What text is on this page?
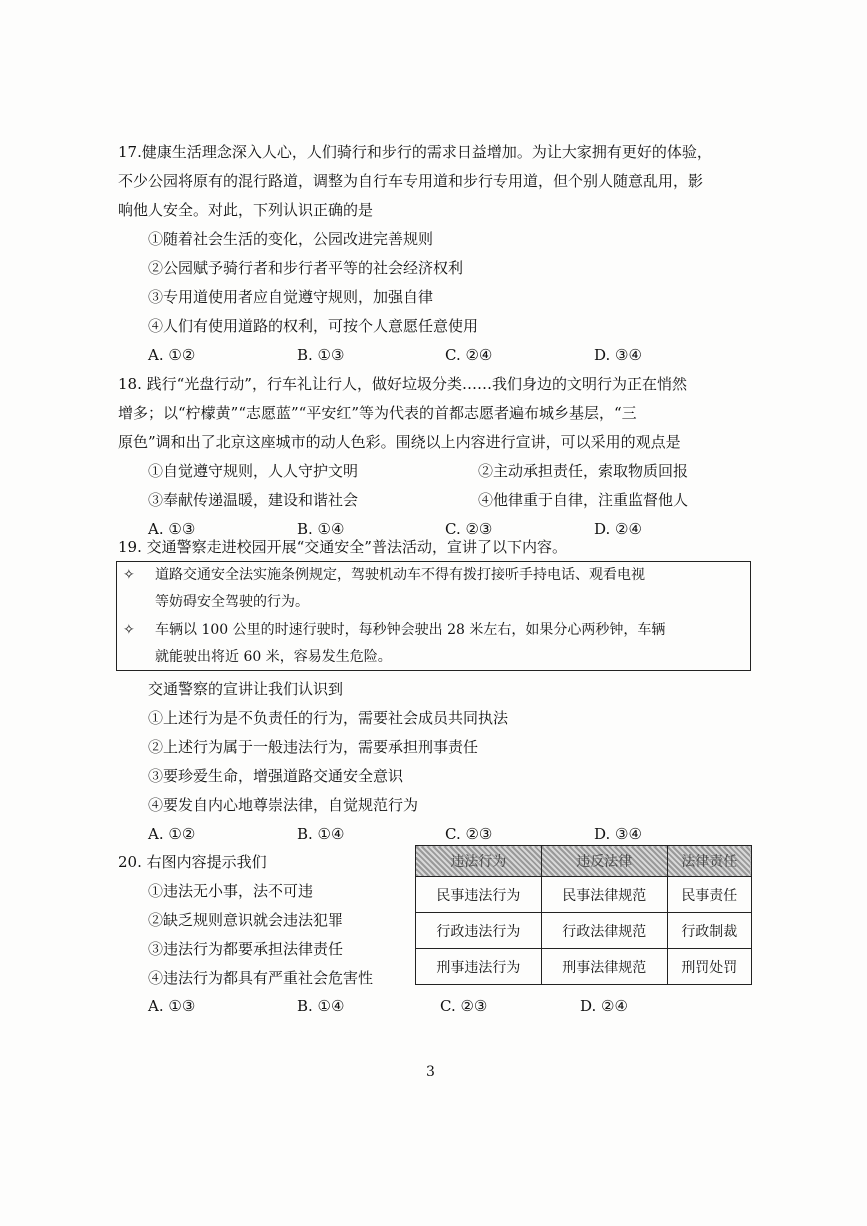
17.健康生活理念深入人心，人们骑行和步行的需求日益增加。为让大家拥有更好的体验，
不少公园将原有的混行路道，调整为自行车专用道和步行专用道，但个别人随意乱用，影
响他人安全。对此，下列认识正确的是
①随着社会生活的变化，公园改进完善规则
②公园赋予骑行者和步行者平等的社会经济权利
③专用道使用者应自觉遵守规则，加强自律
④人们有使用道路的权利，可按个人意愿任意使用
A. ①②	B. ①③	C. ②④	D. ③④
18. 践行“光盘行动”，行车礼让行人，做好垃圾分类……我们身边的文明行为正在悄然
增多；以“柠檬黄”“志愿蓝”“平安红”等为代表的首都志愿者遍布城乡基层，“三
原色”调和出了北京这座城市的动人色彩。围绕以上内容进行宣讲，可以采用的观点是
①自觉遵守规则，人人守护文明	②主动承担责任，索取物质回报
③奉献传递温暖，建设和谐社会	④他律重于自律，注重监督他人
A. ①③	B. ①④	C. ②③	D. ②④
19. 交通警察走进校园开展“交通安全”普法活动，宣讲了以下内容。
✧ 道路交通安全法实施条例规定，驾驶机动车不得有拨打接听手持电话、观看电视
等妨碍安全驾驶的行为。
✧ 车辆以 100 公里的时速行驶时，每秒钟会驶出 28 米左右，如果分心两秒钟，车辆
就能驶出将近 60 米，容易发生危险。
交通警察的宣讲让我们认识到
①上述行为是不负责任的行为，需要社会成员共同执法
②上述行为属于一般违法行为，需要承担刑事责任
③要珍爱生命，增强道路交通安全意识
④要发自内心地尊崇法律，自觉规范行为
A. ①②	B. ①④	C. ②③	D. ③④
20. 右图内容提示我们
①违法无小事，法不可违
②缺乏规则意识就会违法犯罪
③违法行为都要承担法律责任
④违法行为都具有严重社会危害性
A. ①③	B. ①④	C. ②③	D. ②④
违法行为	违反法律	法律责任
民事违法行为	民事法律规范	民事责任
行政违法行为	行政法律规范	行政制裁
刑事违法行为	刑事法律规范	刑罚处罚
3
